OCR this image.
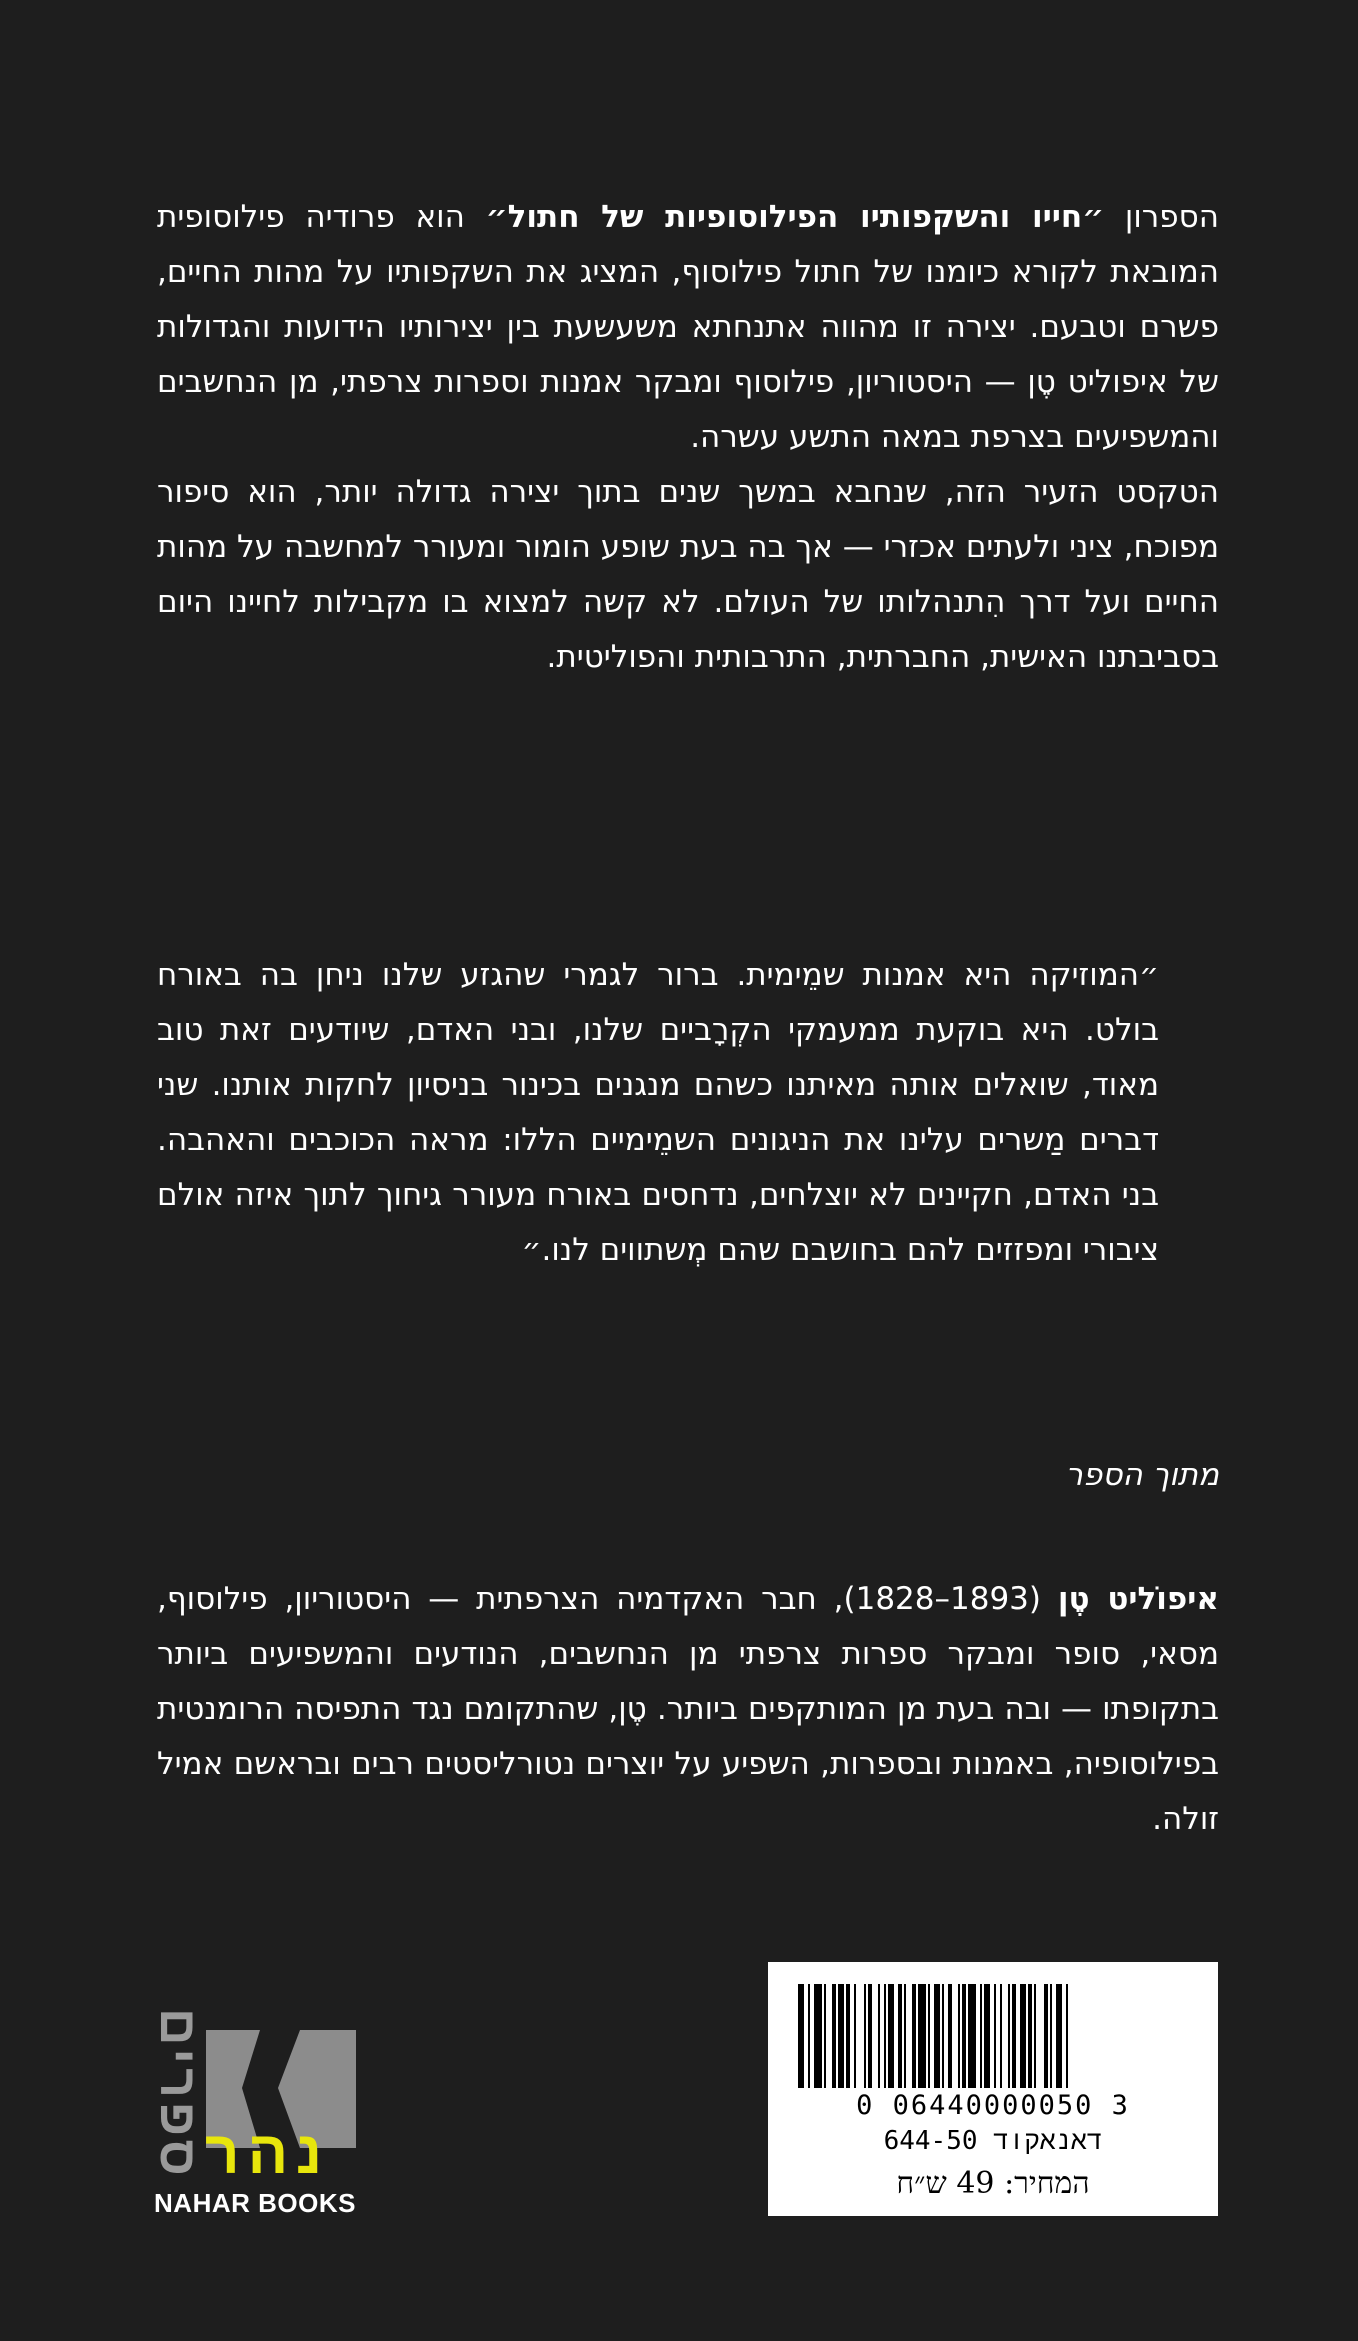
הספרון ״חייו והשקפותיו הפילוסופיות של חתול״ הוא פרודיה פילוסופית המובאת לקורא כיומנו של חתול פילוסוף, המציג את השקפותיו על מהות החיים, פשרם וטבעם. יצירה זו מהווה אתנחתא משעשעת בין יצירותיו הידועות והגדולות של איפוליט טֶן — היסטוריון, פילוסוף ומבקר אמנות וספרות צרפתי, מן הנחשבים והמשפיעים בצרפת במאה התשע עשרה.

הטקסט הזעיר הזה, שנחבא במשך שנים בתוך יצירה גדולה יותר, הוא סיפור מפוכח, ציני ולעתים אכזרי — אך בה בעת שופע הומור ומעורר למחשבה על מהות החיים ועל דרך הִתנהלותו של העולם. לא קשה למצוא בו מקבילות לחיינו היום בסביבתנו האישית, החברתית, התרבותית והפוליטית.

״המוזיקה היא אמנות שמֵימית. ברור לגמרי שהגזע שלנו ניחן בה באורח בולט. היא בוקעת ממעמקי הקְרָביים שלנו, ובני האדם, שיודעים זאת טוב מאוד, שואלים אותה מאיתנו כשהם מנגנים בכינור בניסיון לחקות אותנו. שני דברים מַשרים עלינו את הניגונים השמֵימיים הללו: מראה הכוכבים והאהבה. בני האדם, חקיינים לא יוצלחים, נדחסים באורח מעורר גיחוך לתוך איזה אולם ציבורי ומפזזים להם בחושבם שהם מְשתווים לנו.״
מתוך הספר
איפוֹליט טֶן (1893–1828), חבר האקדמיה הצרפתית — היסטוריון, פילוסוף, מסאי, סופר ומבקר ספרות צרפתי מן הנחשבים, הנודעים והמשפיעים ביותר בתקופתו — ובה בעת מן המותקפים ביותר. טֶן, שהתקומם נגד התפיסה הרומנטית בפילוסופיה, באמנות ובספרות, השפיע על יוצרים נטורליסטים רבים ובראשם אמיל זולה.
0 06440000050 3
דאנאקוד 644-50
המחיר: 49 ש״ח
ספרים
נהר
NAHAR BOOKS
